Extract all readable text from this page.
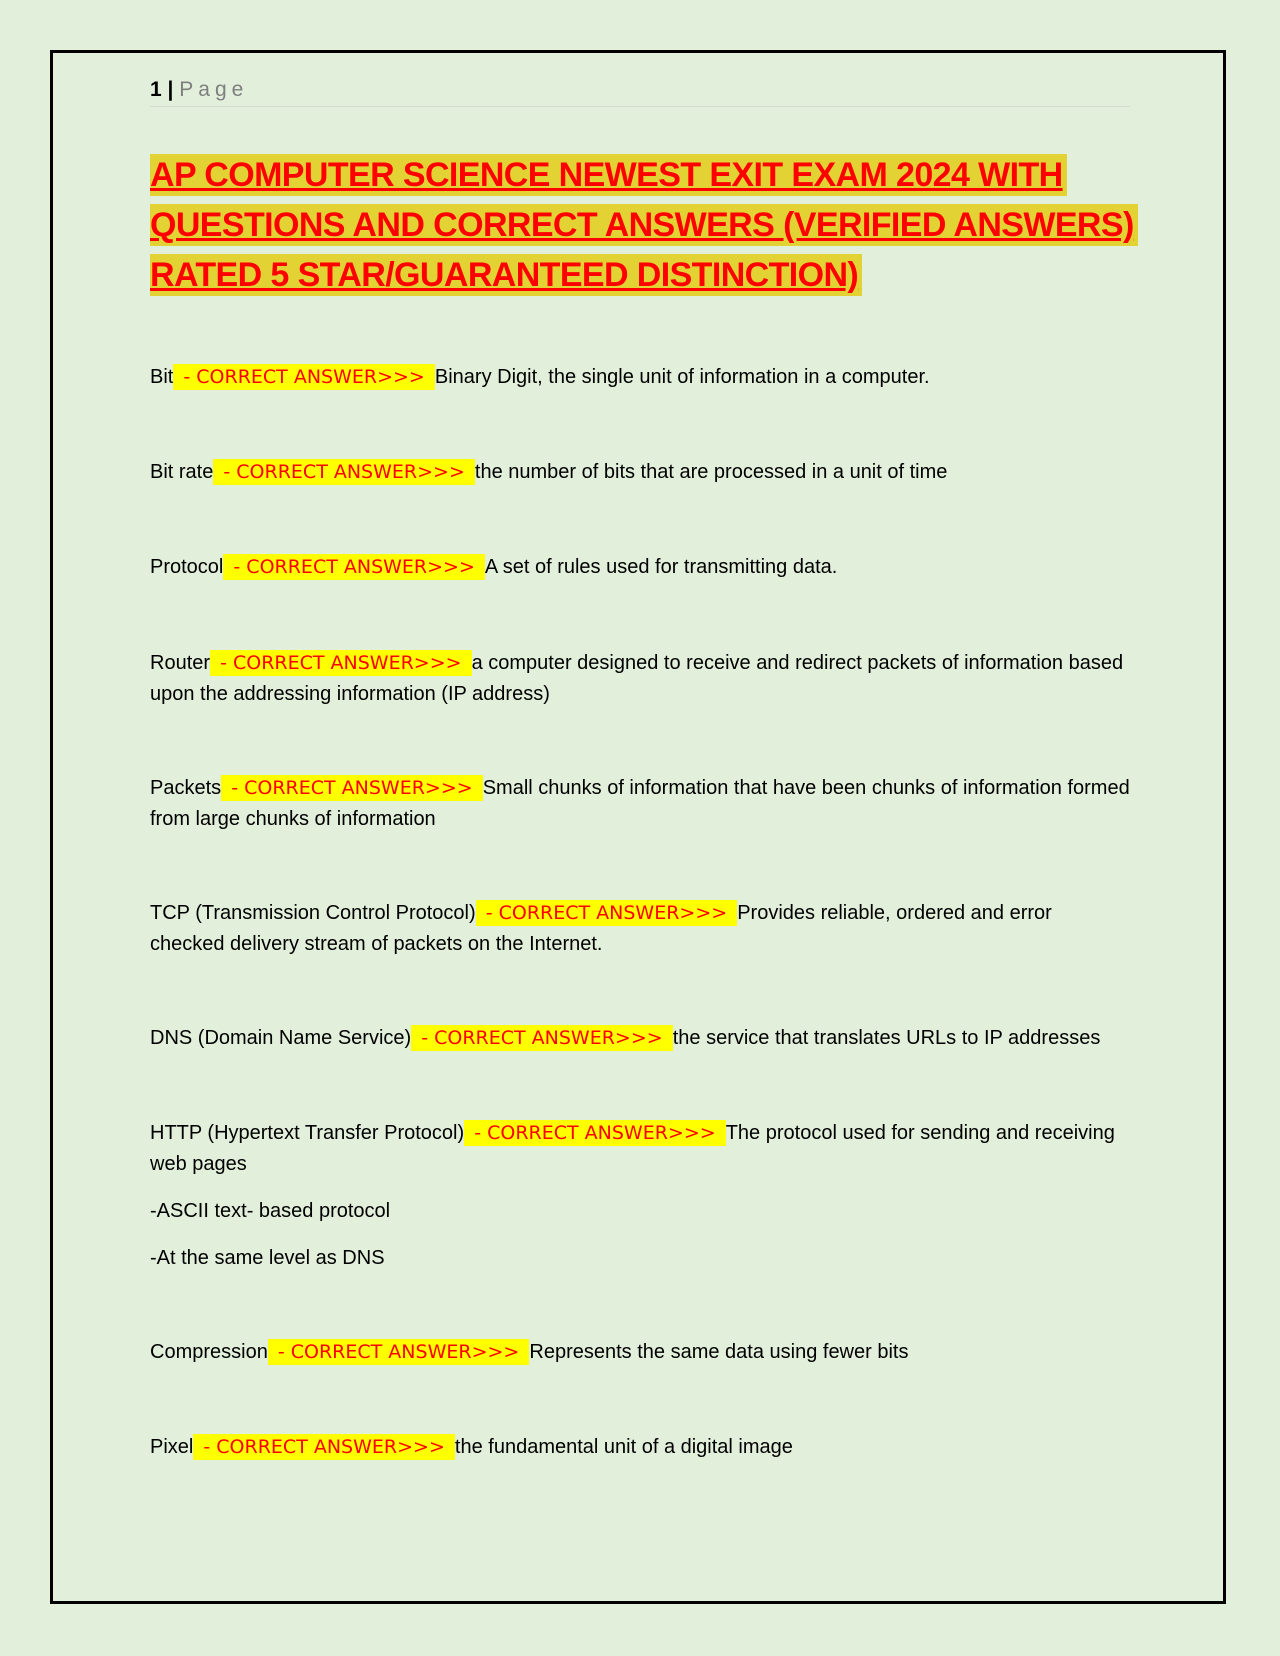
1 | Page
AP COMPUTER SCIENCE NEWEST EXIT EXAM 2024 WITH QUESTIONS AND CORRECT ANSWERS (VERIFIED ANSWERS) RATED 5 STAR/GUARANTEED DISTINCTION)

Bit - CORRECT ANSWER>>> Binary Digit, the single unit of information in a computer.

Bit rate - CORRECT ANSWER>>> the number of bits that are processed in a unit of time

Protocol - CORRECT ANSWER>>> A set of rules used for transmitting data.

Router - CORRECT ANSWER>>> a computer designed to receive and redirect packets of information based upon the addressing information (IP address)

Packets - CORRECT ANSWER>>> Small chunks of information that have been chunks of information formed from large chunks of information

TCP (Transmission Control Protocol) - CORRECT ANSWER>>> Provides reliable, ordered and error checked delivery stream of packets on the Internet.

DNS (Domain Name Service) - CORRECT ANSWER>>> the service that translates URLs to IP addresses

HTTP (Hypertext Transfer Protocol) - CORRECT ANSWER>>> The protocol used for sending and receiving web pages

-ASCII text- based protocol

-At the same level as DNS

Compression - CORRECT ANSWER>>> Represents the same data using fewer bits

Pixel - CORRECT ANSWER>>> the fundamental unit of a digital image
